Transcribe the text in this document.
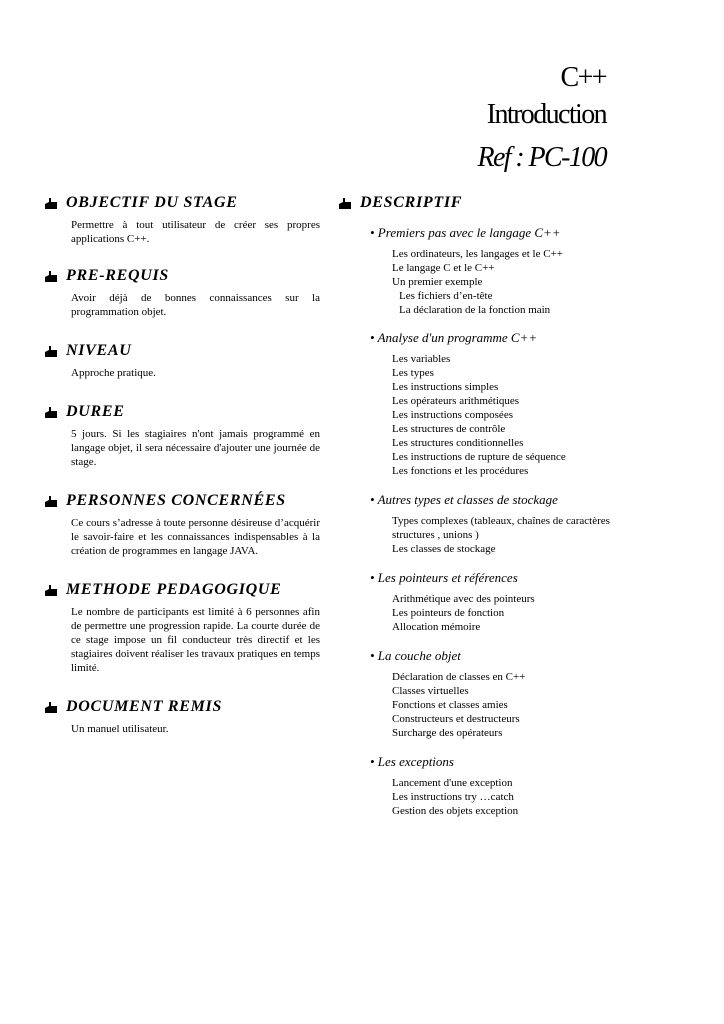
C++
Introduction
Ref : PC-100
OBJECTIF DU STAGE
Permettre à tout utilisateur de créer ses propres applications C++.
PRE-REQUIS
Avoir déjà de bonnes connaissances sur la programmation objet.
NIVEAU
Approche pratique.
DUREE
5 jours. Si les stagiaires n'ont jamais programmé en langage objet, il sera nécessaire d'ajouter une journée de stage.
PERSONNES CONCERNÉES
Ce cours s’adresse à toute personne désireuse d’acquérir le savoir-faire et les connaissances indispensables à la création de programmes en langage JAVA.
METHODE PEDAGOGIQUE
Le nombre de participants est limité à 6 personnes afin de permettre une progression rapide. La courte durée de ce stage impose un fil conducteur très directif et les stagiaires doivent réaliser les travaux pratiques en temps limité.
DOCUMENT REMIS
Un manuel utilisateur.
DESCRIPTIF
• Premiers pas avec le langage C++
Les ordinateurs, les langages et le C++
Le langage C et le C++
Un premier exemple
Les fichiers d’en-tête
La déclaration de la fonction main
• Analyse d'un programme C++
Les variables
Les types
Les instructions simples
Les opérateurs arithmétiques
Les instructions composées
Les structures de contrôle
Les structures conditionnelles
Les instructions de rupture de séquence
Les fonctions et les procédures
• Autres types et classes de stockage
Types complexes (tableaux, chaînes de caractères
structures , unions )
Les classes de stockage
• Les pointeurs et références
Arithmétique avec des pointeurs
Les pointeurs de fonction
Allocation mémoire
• La couche objet
Déclaration de classes en C++
Classes virtuelles
Fonctions et classes amies
Constructeurs et destructeurs
Surcharge des opérateurs
• Les exceptions
Lancement d'une exception
Les instructions try …catch
Gestion des objets exception
